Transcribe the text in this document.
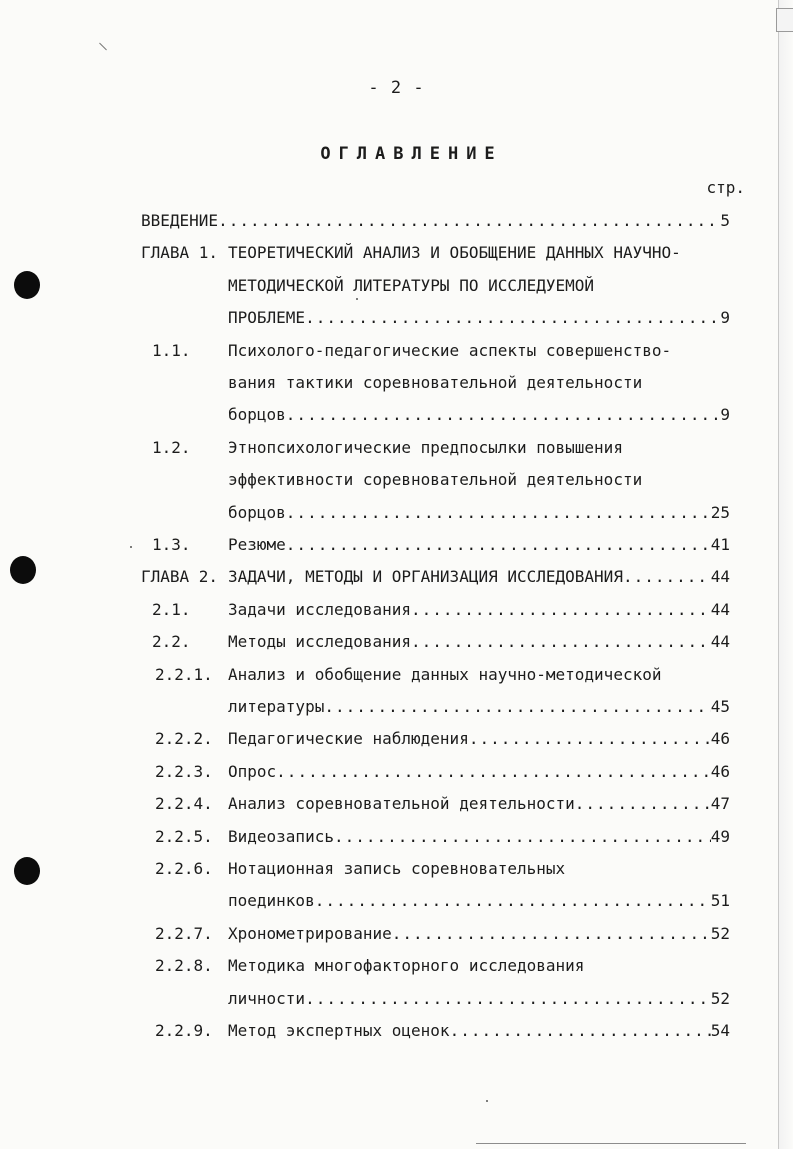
- 2 -
ОГЛАВЛЕНИЕ
стр.
ВВЕДЕНИЕ .....	5
ГЛАВА 1. ТЕОРЕТИЧЕСКИЙ АНАЛИЗ И ОБОБЩЕНИЕ ДАННЫХ НАУЧНО-
МЕТОДИЧЕСКОЙ ЛИТЕРАТУРЫ ПО ИССЛЕДУЕМОЙ
ПРОБЛЕМЕ .....	9
1.1. Психолого-педагогические аспекты совершенство-
вания тактики соревновательной деятельности
борцов .....	9
1.2. Этнопсихологические предпосылки повышения
эффективности соревновательной деятельности
борцов .....	25
1.3. Резюме .....	41
ГЛАВА 2. ЗАДАЧИ, МЕТОДЫ И ОРГАНИЗАЦИЯ ИССЛЕДОВАНИЯ .....	44
2.1. Задачи исследования .....	44
2.2. Методы исследования .....	44
2.2.1. Анализ и обобщение данных научно-методической
литературы .....	45
2.2.2. Педагогические наблюдения .....	46
2.2.3. Опрос .....	46
2.2.4. Анализ соревновательной деятельности .....	47
2.2.5. Видеозапись .....	49
2.2.6. Нотационная запись соревновательных
поединков .....	51
2.2.7. Хронометрирование .....	52
2.2.8. Методика многофакторного исследования
личности .....	52
2.2.9. Метод экспертных оценок .....	54
